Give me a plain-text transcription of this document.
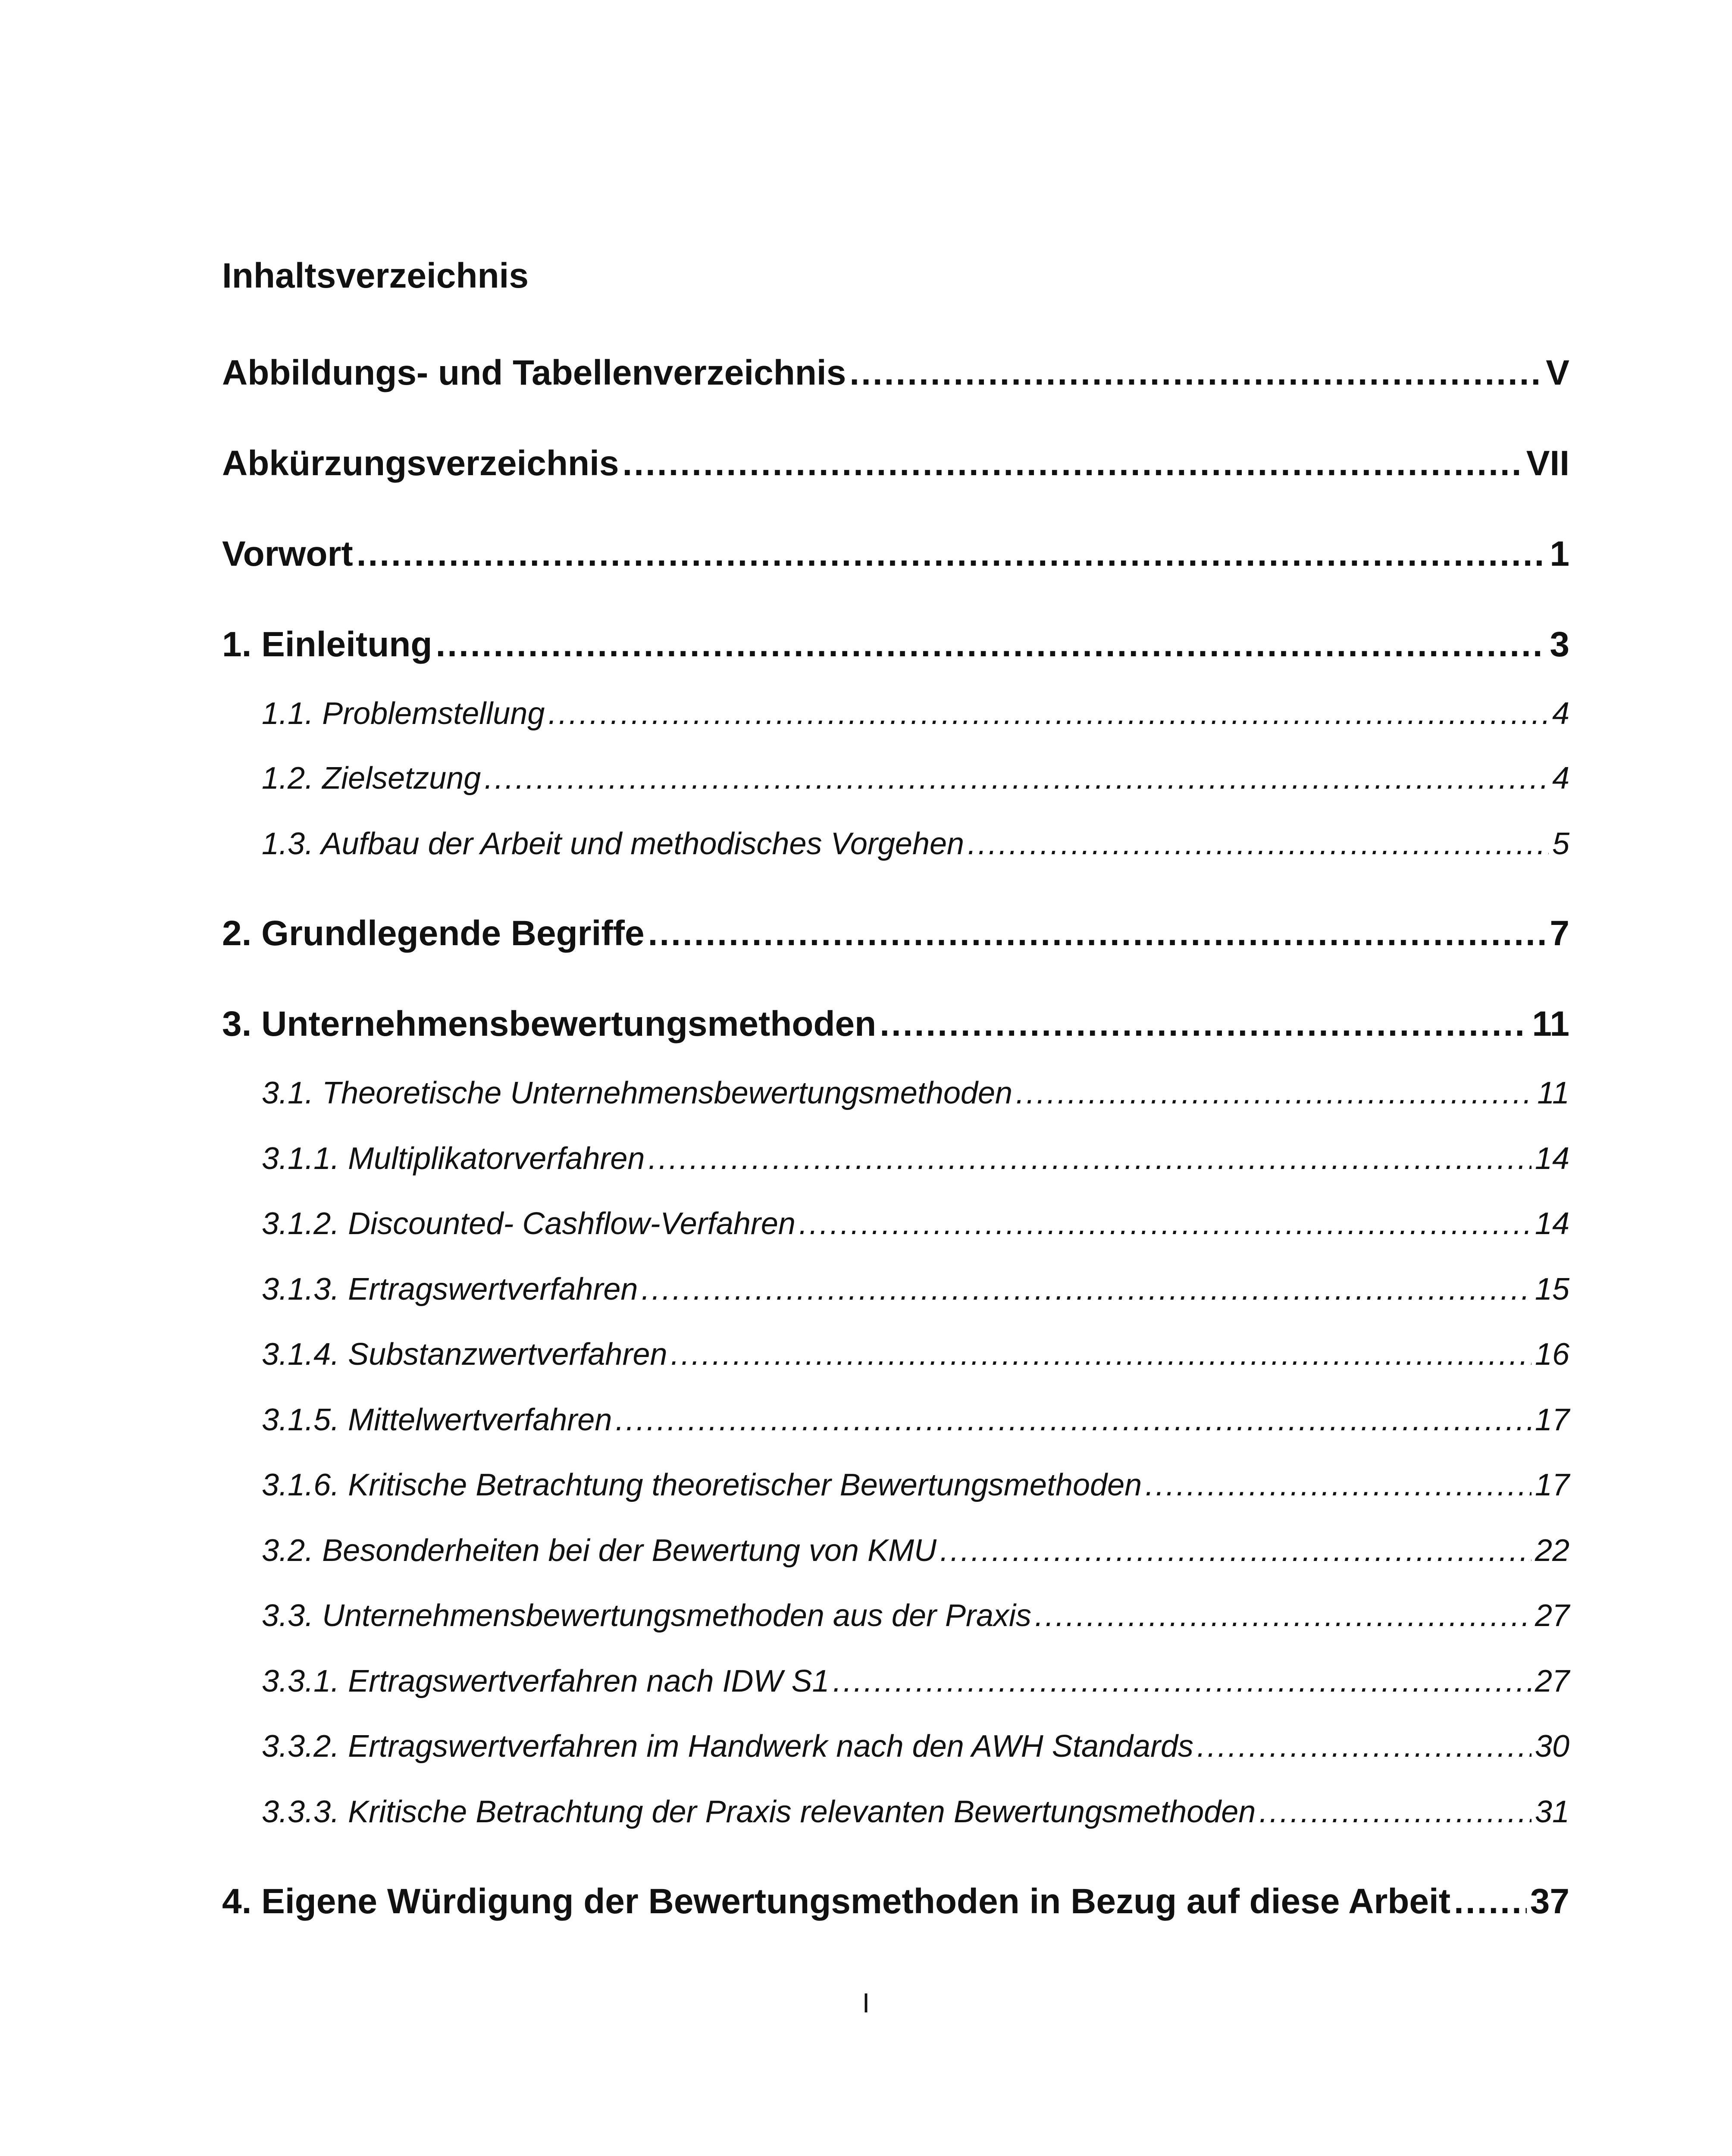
Inhaltsverzeichnis
Abbildungs- und Tabellenverzeichnis .....	V
Abkürzungsverzeichnis .....	VII
Vorwort .....	1
1. Einleitung .....	3
1.1. Problemstellung .....	4
1.2. Zielsetzung .....	4
1.3. Aufbau der Arbeit und methodisches Vorgehen .....	5
2. Grundlegende Begriffe .....	7
3. Unternehmensbewertungsmethoden .....	11
3.1. Theoretische Unternehmensbewertungsmethoden .....	11
3.1.1. Multiplikatorverfahren .....	14
3.1.2. Discounted- Cashflow-Verfahren .....	14
3.1.3. Ertragswertverfahren .....	15
3.1.4. Substanzwertverfahren .....	16
3.1.5. Mittelwertverfahren .....	17
3.1.6. Kritische Betrachtung theoretischer Bewertungsmethoden .....	17
3.2. Besonderheiten bei der Bewertung von KMU .....	22
3.3. Unternehmensbewertungsmethoden aus der Praxis .....	27
3.3.1. Ertragswertverfahren nach IDW S1 .....	27
3.3.2. Ertragswertverfahren im Handwerk nach den AWH Standards .....	30
3.3.3. Kritische Betrachtung der Praxis relevanten Bewertungsmethoden .....	31
4. Eigene Würdigung der Bewertungsmethoden in Bezug auf diese Arbeit ..... 37
I
